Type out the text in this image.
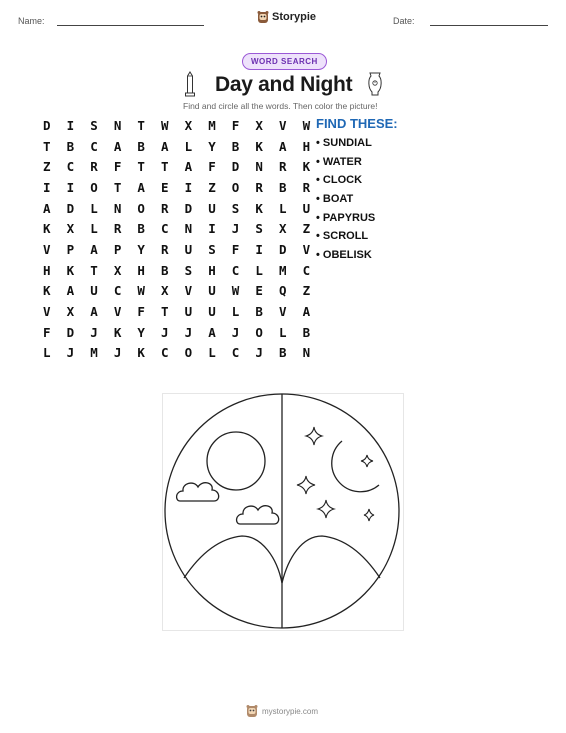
Name:	Storypie	Date:
WORD SEARCH
Day and Night
Find and circle all the words. Then color the picture!
D	I	S	N	T	W	X	M	F	X	V	W
T	B	C	A	B	A	L	Y	B	K	A	H
Z	C	R	F	T	T	A	F	D	N	R	K
I	I	O	T	A	E	I	Z	O	R	B	R
A	D	L	N	O	R	D	U	S	K	L	U
K	X	L	R	B	C	N	I	J	S	X	Z
V	P	A	P	Y	R	U	S	F	I	D	V
H	K	T	X	H	B	S	H	C	L	M	C
K	A	U	C	W	X	V	U	W	E	Q	Z
V	X	A	V	F	T	U	U	L	B	V	A
F	D	J	K	Y	J	J	A	J	O	L	B
L	J	M	J	K	C	O	L	C	J	B	N
FIND THESE:
• SUNDIAL
• WATER
• CLOCK
• BOAT
• PAPYRUS
• SCROLL
• OBELISK
mystorypie.com
